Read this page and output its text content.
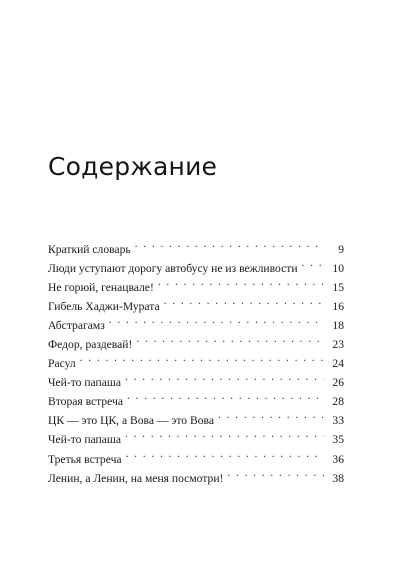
Содержание
Краткий словарь . . .	9
Люди уступают дорогу автобусу не из вежливости . . .	10
Не горюй, генацвале! . . .	15
Гибель Хаджи-Мурата . . .	16
Абстрагамз . . .	18
Федор, раздевай! . . .	23
Расул . . .	24
Чей-то папаша . . .	26
Вторая встреча . . .	28
ЦК — это ЦК, а Вова — это Вова . . .	33
Чей-то папаша . . .	35
Третья встреча . . .	36
Ленин, а Ленин, на меня посмотри! . . .	38
